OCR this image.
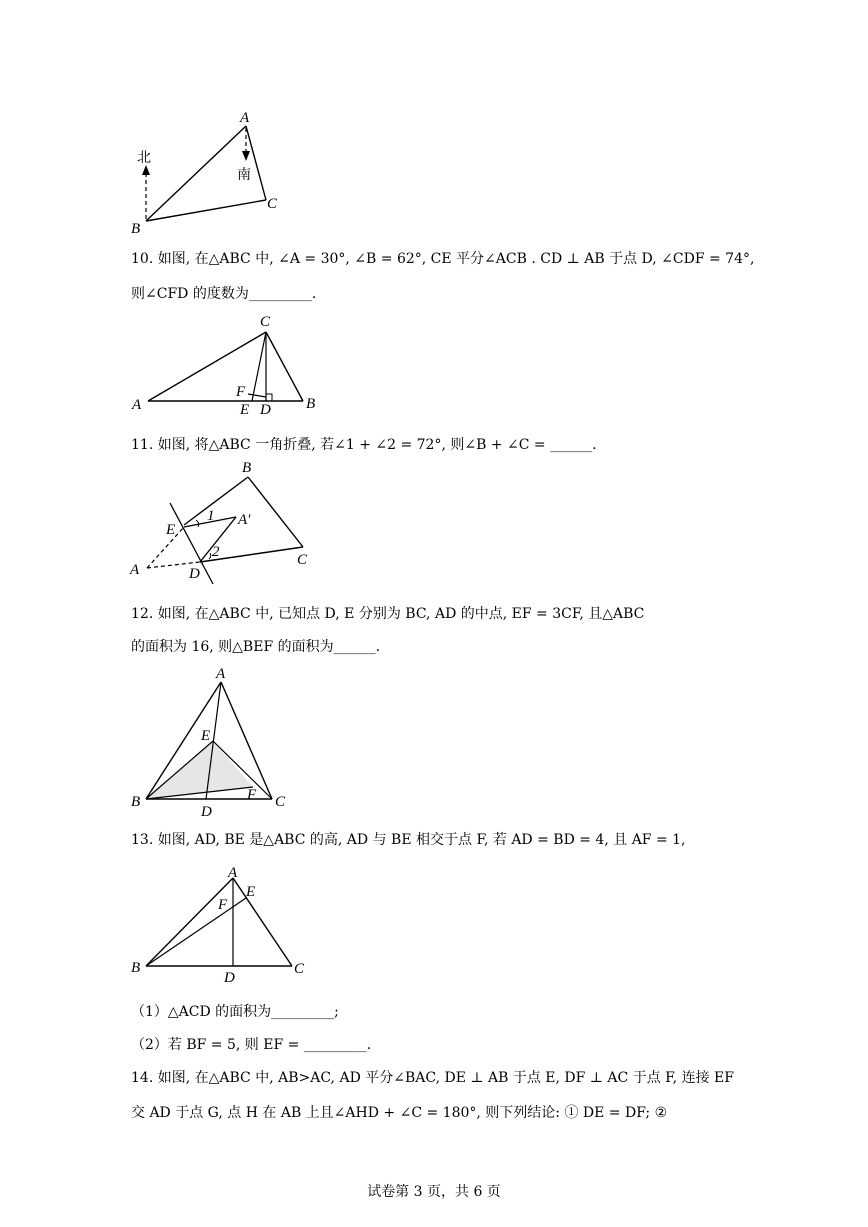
A
B
C
北
南
10. 如图, 在△ABC 中, ∠A = 30°, ∠B = 62°, CE 平分∠ACB . CD ⊥ AB 于点 D, ∠CDF = 74°,
则∠CFD 的度数为_________.
C
A	B
F
E D
11. 如图, 将△ABC 一角折叠, 若∠1 + ∠2 = 72°, 则∠B + ∠C = ______.
B
E
A′
1
2	C
A	D
12. 如图, 在△ABC 中, 已知点 D, E 分别为 BC, AD 的中点, EF = 3CF, 且△ABC
的面积为 16, 则△BEF 的面积为______.
A
E
B	F C
D
13. 如图, AD, BE 是△ABC 的高, AD 与 BE 相交于点 F, 若 AD = BD = 4, 且 AF = 1,
A
E
F
B
D
C
（1）△ACD 的面积为_________;
（2）若 BF = 5, 则 EF = _________.
14. 如图, 在△ABC 中, AB>AC, AD 平分∠BAC, DE ⊥ AB 于点 E, DF ⊥ AC 于点 F, 连接 EF
交 AD 于点 G, 点 H 在 AB 上且∠AHD + ∠C = 180°, 则下列结论: ① DE = DF; ②
试卷第 3 页，共 6 页
